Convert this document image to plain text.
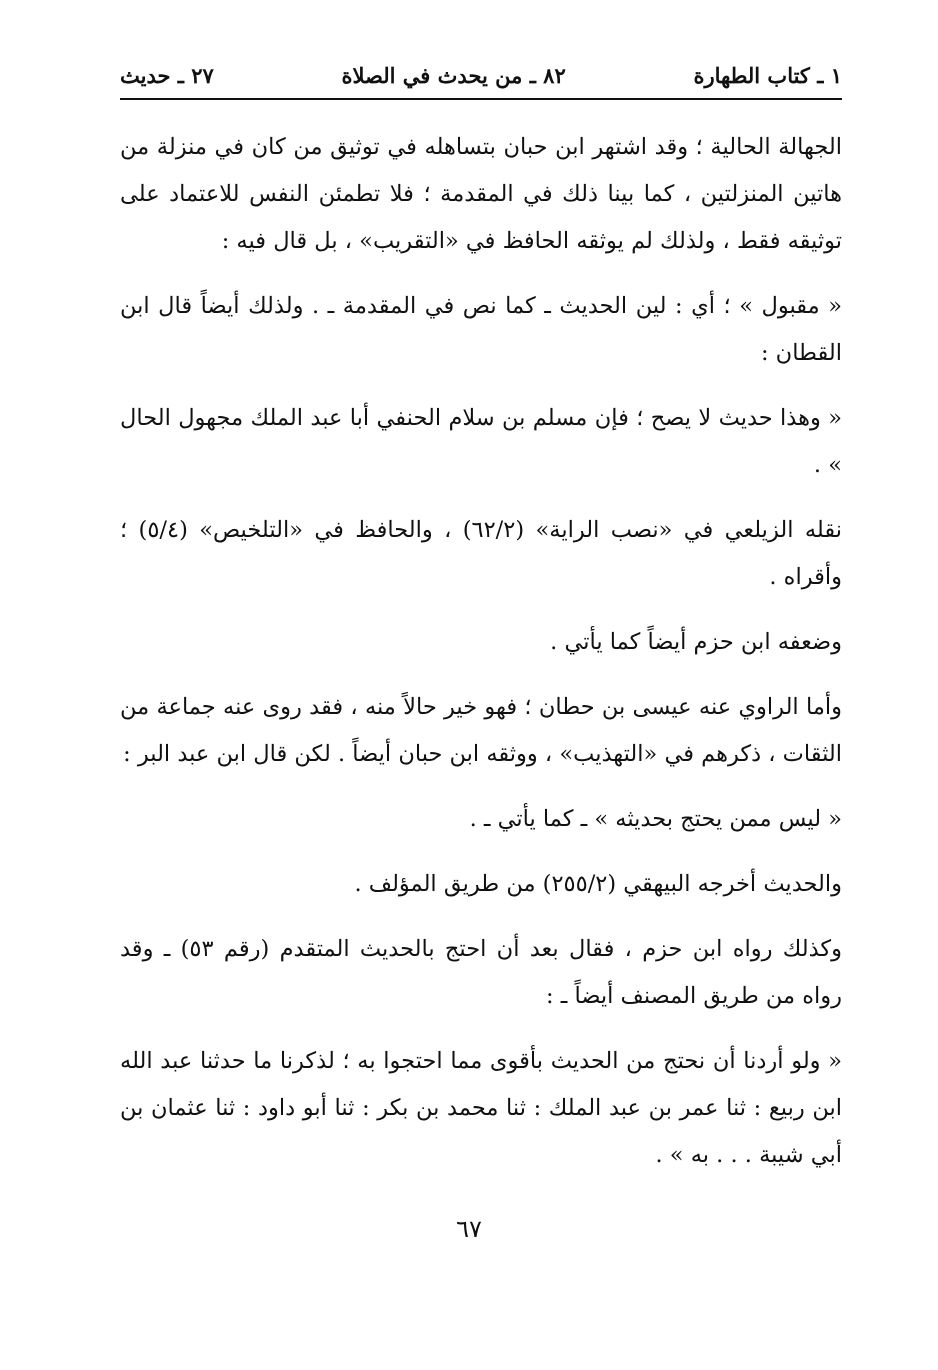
١ ـ كتاب الطهارة
٨٢ ـ من يحدث في الصلاة
٢٧ ـ حديث

الجهالة الحالية ؛ وقد اشتهر ابن حبان بتساهله في توثيق من كان في منزلة من هاتين المنزلتين ، كما بينا ذلك في المقدمة ؛ فلا تطمئن النفس للاعتماد على توثيقه فقط ، ولذلك لم يوثقه الحافظ في «التقريب» ، بل قال فيه :

« مقبول » ؛ أي : لين الحديث ـ كما نص في المقدمة ـ . ولذلك أيضاً قال ابن القطان :

« وهذا حديث لا يصح ؛ فإن مسلم بن سلام الحنفي أبا عبد الملك مجهول الحال » .

نقله الزيلعي في «نصب الراية» (٦٢/٢) ، والحافظ في «التلخيص» (٥/٤) ؛ وأقراه .

وضعفه ابن حزم أيضاً كما يأتي .

وأما الراوي عنه عيسى بن حطان ؛ فهو خير حالاً منه ، فقد روى عنه جماعة من الثقات ، ذكرهم في «التهذيب» ، ووثقه ابن حبان أيضاً . لكن قال ابن عبد البر :

« ليس ممن يحتج بحديثه » ـ كما يأتي ـ .

والحديث أخرجه البيهقي (٢٥٥/٢) من طريق المؤلف .

وكذلك رواه ابن حزم ، فقال بعد أن احتج بالحديث المتقدم (رقم ٥٣) ـ وقد رواه من طريق المصنف أيضاً ـ :

« ولو أردنا أن نحتج من الحديث بأقوى مما احتجوا به ؛ لذكرنا ما حدثنا عبد الله ابن ربيع : ثنا عمر بن عبد الملك : ثنا محمد بن بكر : ثنا أبو داود : ثنا عثمان بن أبي شيبة . . . به » .

٦٧
